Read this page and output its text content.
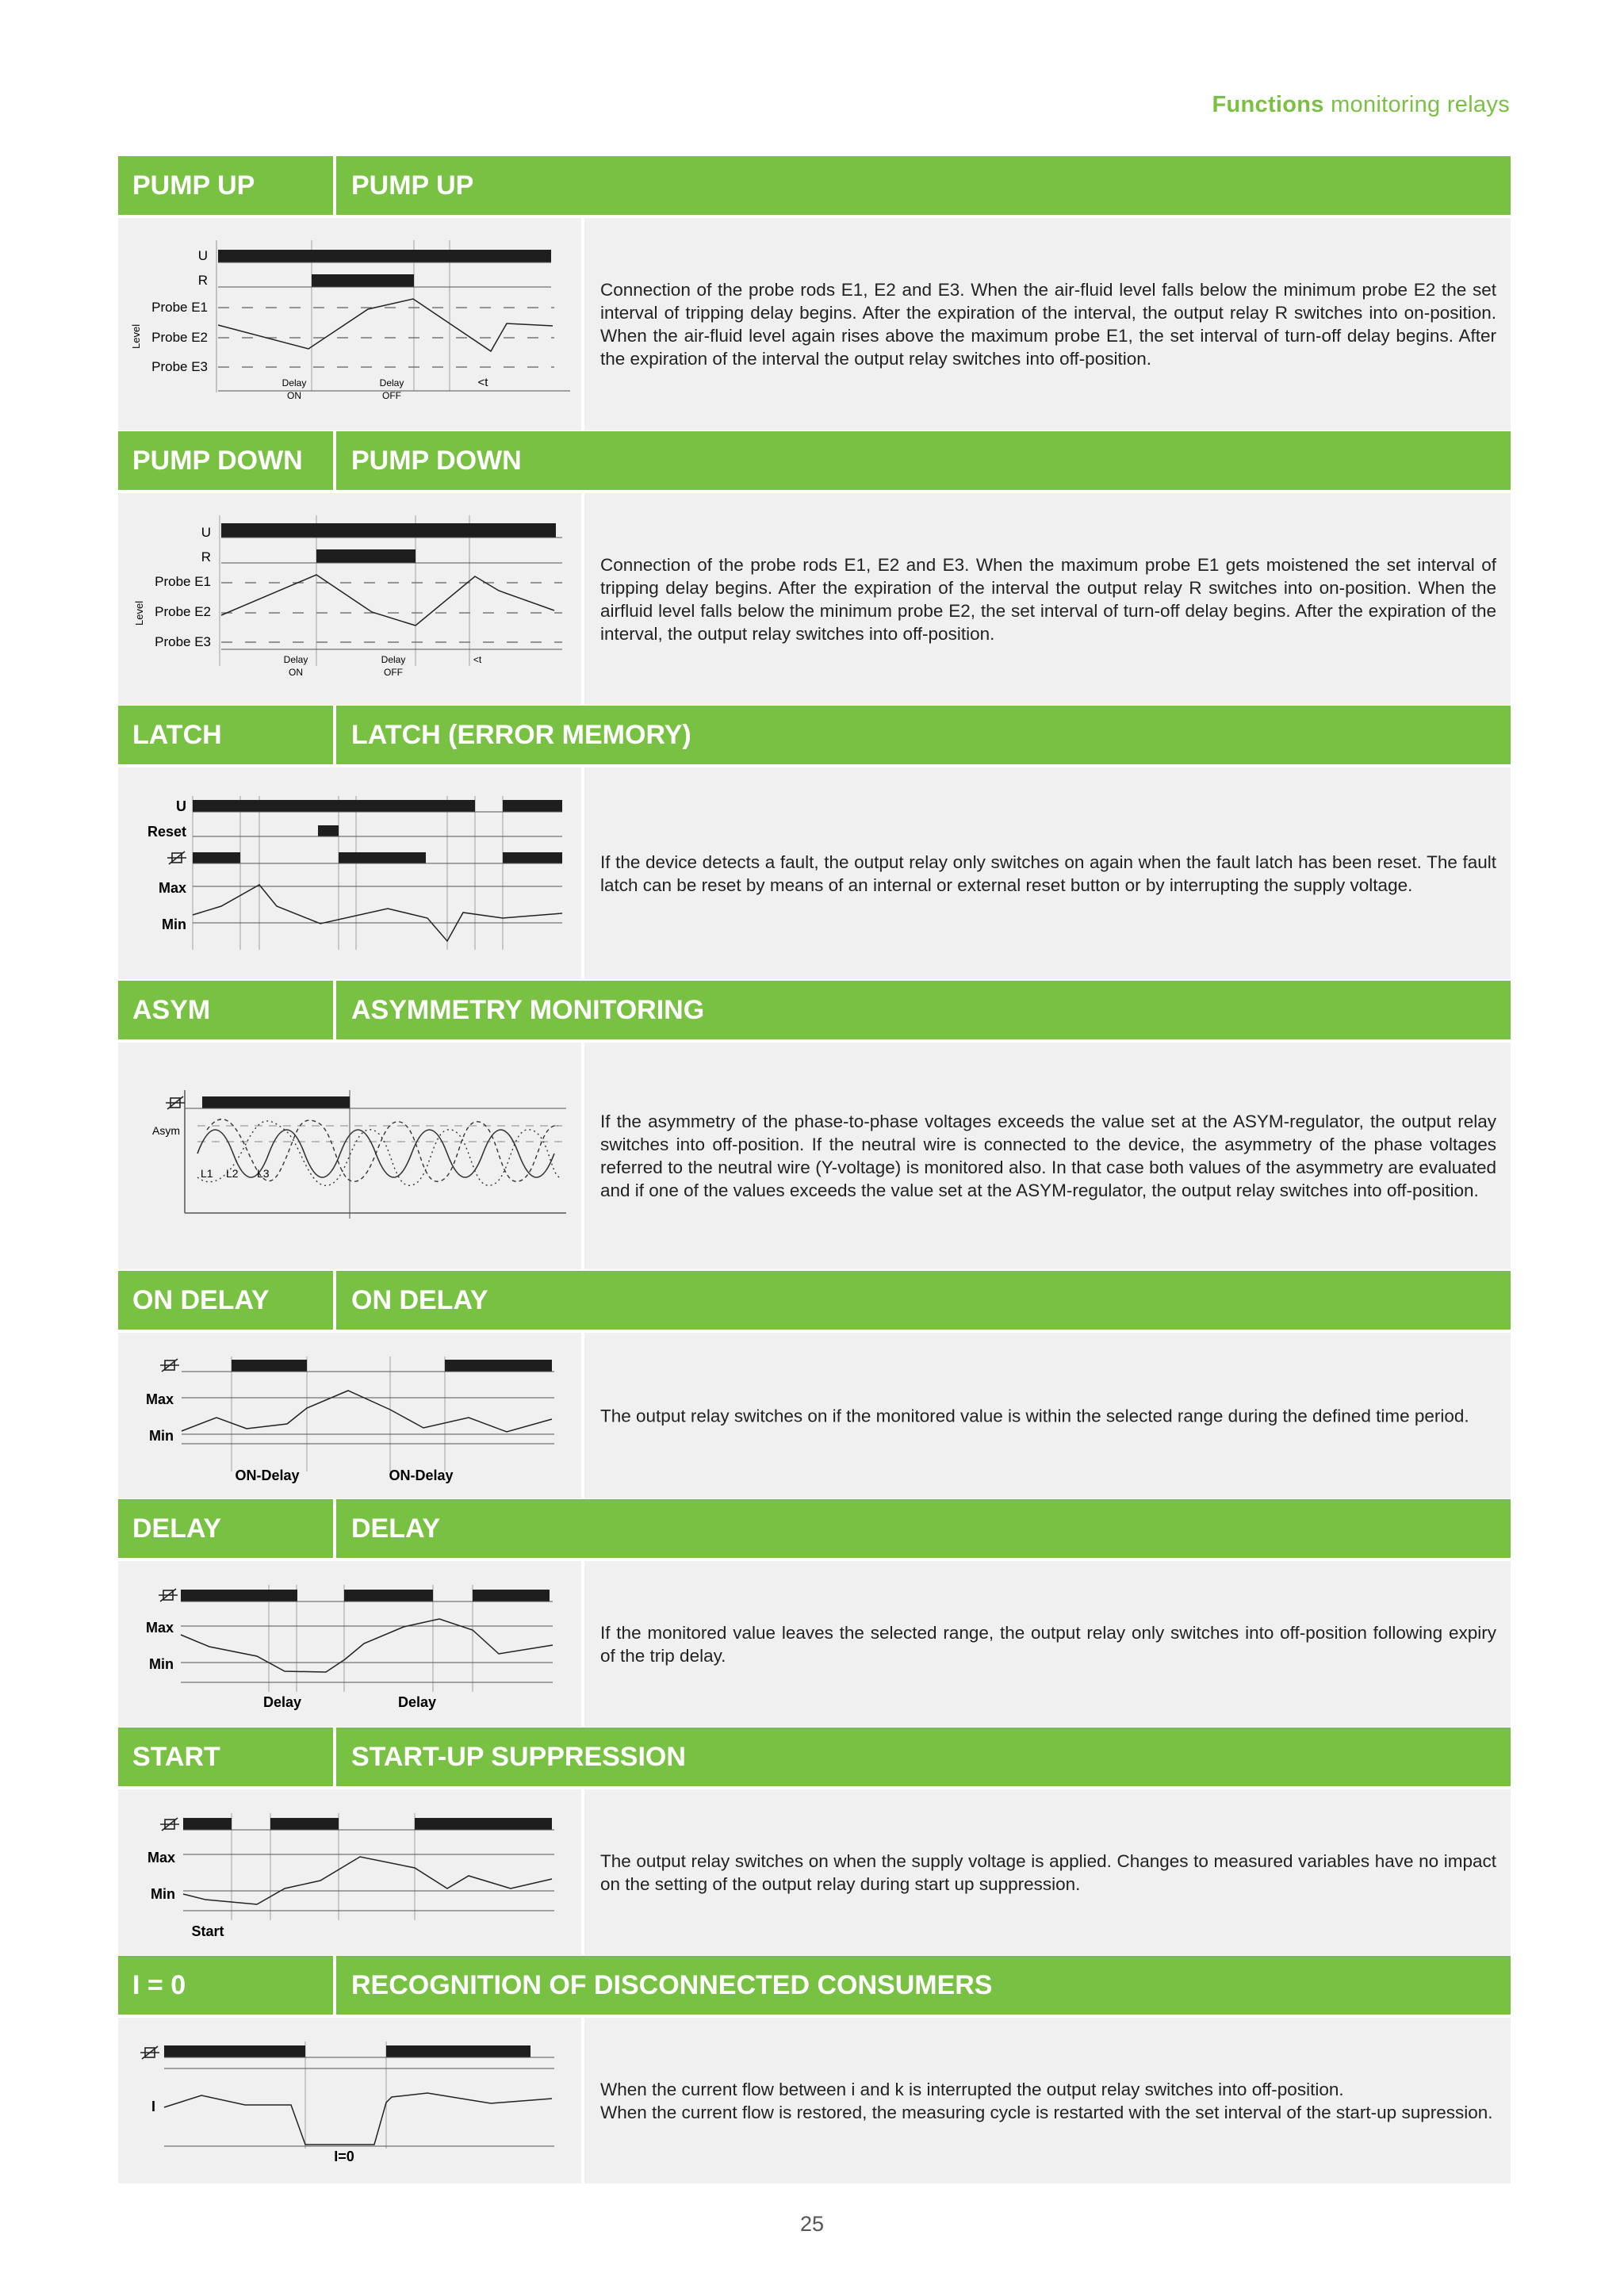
Functions monitoring relays
PUMP UP	PUMP UP
U
R
Probe E1
Probe E2
Probe E3
Level
Delay
ON
Delay
OFF
<t

Connection of the probe rods E1, E2 and E3. When the air-fluid level falls below the minimum probe E2 the set interval of tripping delay begins. After the expiration of the interval, the output relay R switches into on-position. When the air-fluid level again rises above the maximum probe E1, the set interval of turn-off delay begins. After the expiration of the interval the output relay switches into off-position.

PUMP DOWN	PUMP DOWN
U
R
Probe E1
Probe E2
Probe E3
Level
Delay
ON
Delay
OFF
<t

Connection of the probe rods E1, E2 and E3. When the maximum probe E1 gets moistened the set interval of tripping delay begins. After the expiration of the interval the output relay R switches into on-position. When the airfluid level falls below the minimum probe E2, the set interval of turn-off delay begins. After the expiration of the interval, the output relay switches into off-position.

LATCH	LATCH (ERROR MEMORY)
U
Reset
Max
Min

If the device detects a fault, the output relay only switches on again when the fault latch has been reset. The fault latch can be reset by means of an internal or external reset button or by interrupting the supply voltage.

ASYM	ASYMMETRY MONITORING
Asym
L1 L2 L3

If the asymmetry of the phase-to-phase voltages exceeds the value set at the ASYM-regulator, the output relay switches into off-position. If the neutral wire is connected to the device, the asymmetry of the phase voltages referred to the neutral wire (Y-voltage) is monitored also. In that case both values of the asymmetry are evaluated and if one of the values exceeds the value set at the ASYM-regulator, the output relay switches into off-position.

ON DELAY	ON DELAY
Max
Min
ON-Delay	ON-Delay

The output relay switches on if the monitored value is within the selected range during the defined time period.

DELAY	DELAY
Max
Min
Delay	Delay

If the monitored value leaves the selected range, the output relay only switches into off-position following expiry of the trip delay.

START	START-UP SUPPRESSION
Max
Min
Start

The output relay switches on when the supply voltage is applied. Changes to measured variables have no impact on the setting of the output relay during start up suppression.

I = 0	RECOGNITION OF DISCONNECTED CONSUMERS
I
I=0

When the current flow between i and k is interrupted the output relay switches into off-position.

When the current flow is restored, the measuring cycle is restarted with the set interval of the start-up supression.

25
